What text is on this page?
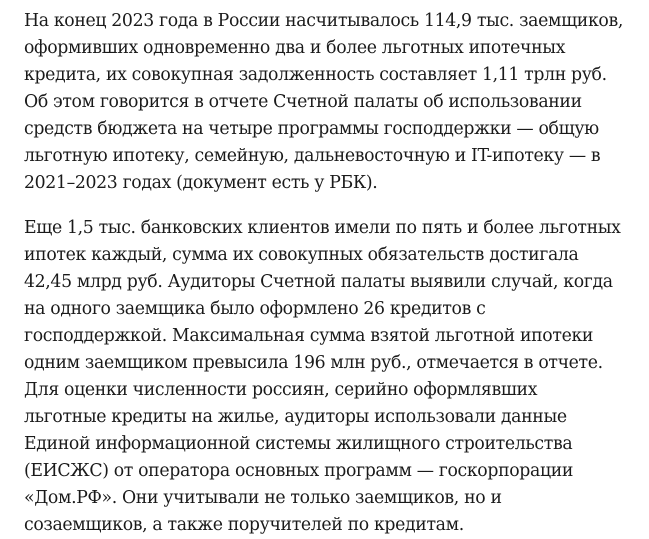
На конец 2023 года в России насчитывалось 114,9 тыс. заемщиков,
оформивших одновременно два и более льготных ипотечных
кредита, их совокупная задолженность составляет 1,11 трлн руб.
Об этом говорится в отчете Счетной палаты об использовании
средств бюджета на четыре программы господдержки — общую
льготную ипотеку, семейную, дальневосточную и IT-ипотеку — в
2021–2023 годах (документ есть у РБК).

Еще 1,5 тыс. банковских клиентов имели по пять и более льготных
ипотек каждый, сумма их совокупных обязательств достигала
42,45 млрд руб. Аудиторы Счетной палаты выявили случай, когда
на одного заемщика было оформлено 26 кредитов с
господдержкой. Максимальная сумма взятой льготной ипотеки
одним заемщиком превысила 196 млн руб., отмечается в отчете.
Для оценки численности россиян, серийно оформлявших
льготные кредиты на жилье, аудиторы использовали данные
Единой информационной системы жилищного строительства
(ЕИСЖС) от оператора основных программ — госкорпорации
«Дом.РФ». Они учитывали не только заемщиков, но и
созаемщиков, а также поручителей по кредитам.
